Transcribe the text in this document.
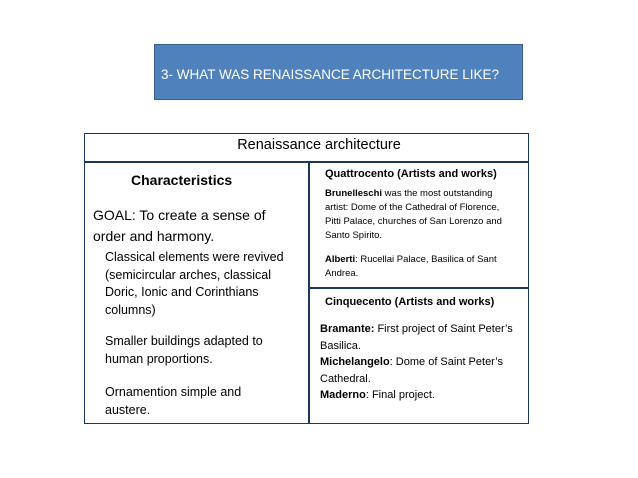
3- WHAT WAS RENAISSANCE ARCHITECTURE LIKE?
Renaissance architecture
Characteristics
GOAL: To create a sense of
order and harmony.
Classical elements were revived
(semicircular arches, classical
Doric, Ionic and Corinthians
columns)
Smaller buildings adapted to
human proportions.
Ornamention simple and
austere.
Quattrocento (Artists and works)
Brunelleschi was the most outstanding
artist: Dome of the Cathedral of Florence,
Pitti Palace, churches of San Lorenzo and
Santo Spirito.
Alberti: Rucellai Palace, Basilica of Sant
Andrea.
Cinquecento (Artists and works)
Bramante: First project of Saint Peter’s
Basilica.
Michelangelo: Dome of Saint Peter’s
Cathedral.
Maderno: Final project.
